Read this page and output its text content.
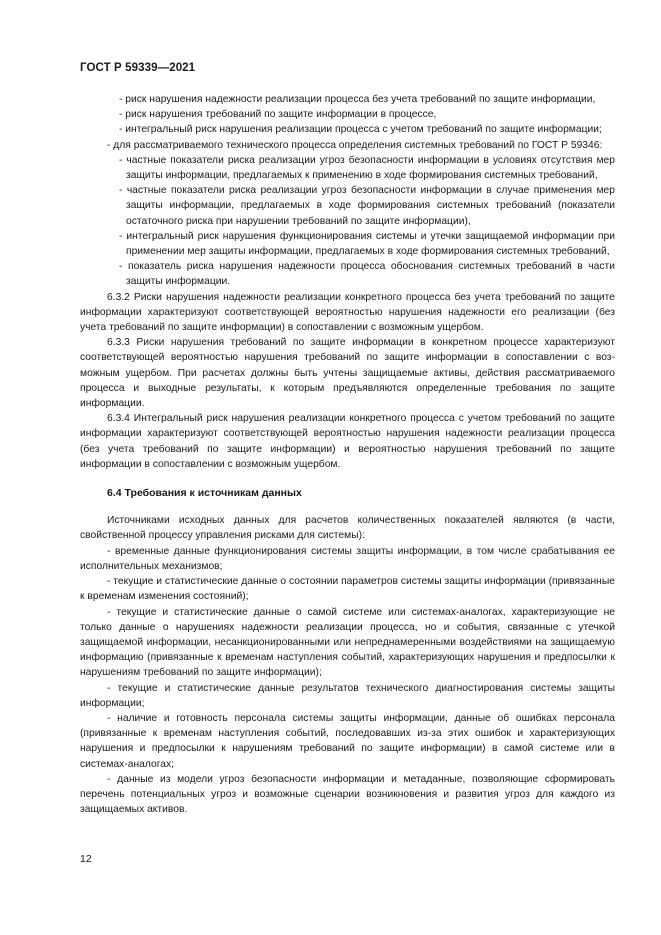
ГОСТ Р 59339—2021

- риск нарушения надежности реализации процесса без учета требований по защите информации,

- риск нарушения требований по защите информации в процессе,

- интегральный риск нарушения реализации процесса с учетом требований по защите информации;

- для рассматриваемого технического процесса определения системных требований по ГОСТ Р 59346:

- частные показатели риска реализации угроз безопасности информации в условиях отсутствия мер защиты информации, предлагаемых к применению в ходе формирования системных требований,

- частные показатели риска реализации угроз безопасности информации в случае применения мер защиты информации, предлагаемых в ходе формирования системных требований (показатели остаточного риска при нарушении требований по защите информации),

- интегральный риск нарушения функционирования системы и утечки защищаемой информации при применении мер защиты информации, предлагаемых в ходе формирования системных требований,

- показатель риска нарушения надежности процесса обоснования системных требований в части защиты информации.

6.3.2 Риски нарушения надежности реализации конкретного процесса без учета требований по защите информации характеризуют соответствующей вероятностью нарушения надежности его реализации (без учета требований по защите информации) в сопоставлении с возможным ущербом.

6.3.3 Риски нарушения требований по защите информации в конкретном процессе характеризуют соответствующей вероятностью нарушения требований по защите информации в сопоставлении с возможным ущербом. При расчетах должны быть учтены защищаемые активы, действия рассматриваемого процесса и выходные результаты, к которым предъявляются определенные требования по защите информации.

6.3.4 Интегральный риск нарушения реализации конкретного процесса с учетом требований по защите информации характеризуют соответствующей вероятностью нарушения надежности реализации процесса (без учета требований по защите информации) и вероятностью нарушения требований по защите информации в сопоставлении с возможным ущербом.

6.4 Требования к источникам данных

Источниками исходных данных для расчетов количественных показателей являются (в части, свойственной процессу управления рисками для системы):

- временные данные функционирования системы защиты информации, в том числе срабатывания ее исполнительных механизмов;

- текущие и статистические данные о состоянии параметров системы защиты информации (привязанные к временам изменения состояний);

- текущие и статистические данные о самой системе или системах-аналогах, характеризующие не только данные о нарушениях надежности реализации процесса, но и события, связанные с утечкой защищаемой информации, несанкционированными или непреднамеренными воздействиями на защищаемую информацию (привязанные к временам наступления событий, характеризующих нарушения и предпосылки к нарушениям требований по защите информации);

- текущие и статистические данные результатов технического диагностирования системы защиты информации;

- наличие и готовность персонала системы защиты информации, данные об ошибках персонала (привязанные к временам наступления событий, последовавших из-за этих ошибок и характеризующих нарушения и предпосылки к нарушениям требований по защите информации) в самой системе или в системах-аналогах;

- данные из модели угроз безопасности информации и метаданные, позволяющие сформировать перечень потенциальных угроз и возможные сценарии возникновения и развития угроз для каждого из защищаемых активов.

12
